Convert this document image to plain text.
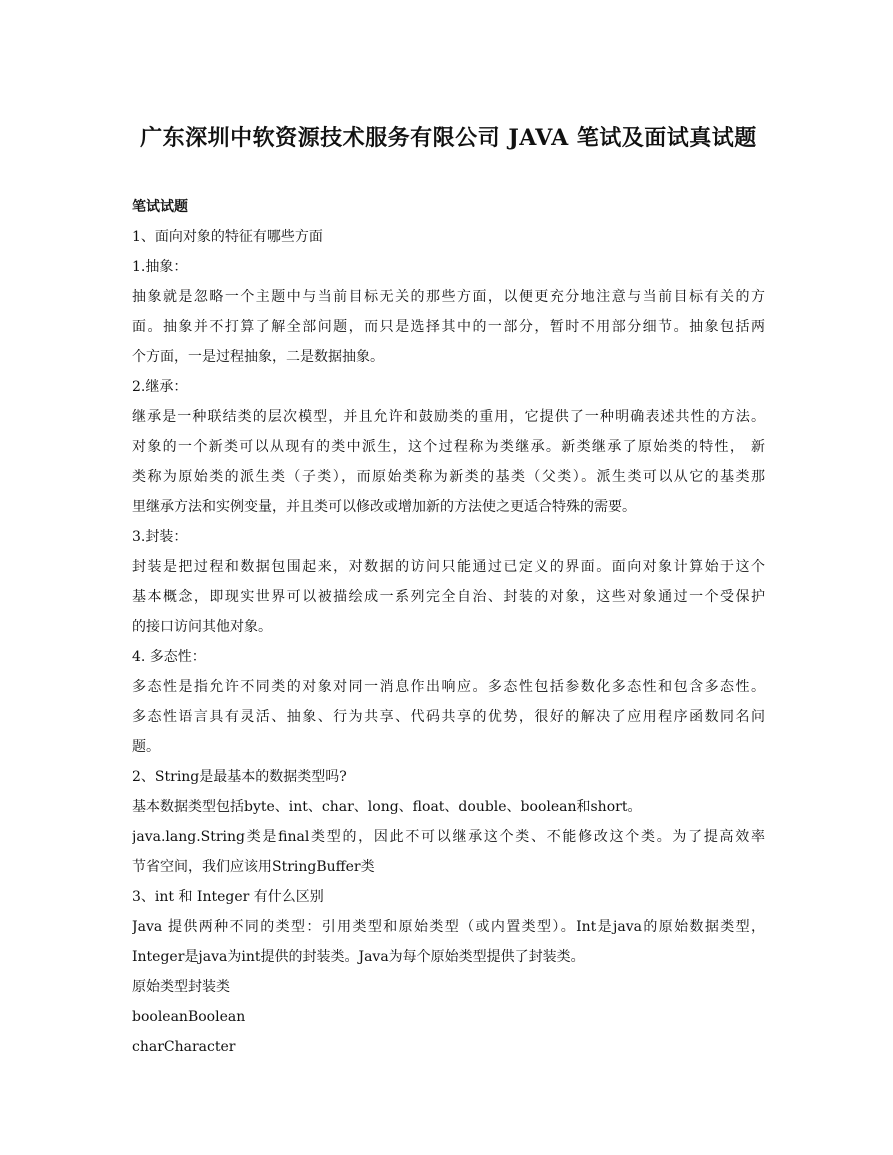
广东深圳中软资源技术服务有限公司 JAVA 笔试及面试真试题

笔试试题

1、面向对象的特征有哪些方面

1.抽象：

抽象就是忽略一个主题中与当前目标无关的那些方面，以便更充分地注意与当前目标有关的方

面。抽象并不打算了解全部问题，而只是选择其中的一部分，暂时不用部分细节。抽象包括两

个方面，一是过程抽象，二是数据抽象。

2.继承：

继承是一种联结类的层次模型，并且允许和鼓励类的重用，它提供了一种明确表述共性的方法。

对象的一个新类可以从现有的类中派生，这个过程称为类继承。新类继承了原始类的特性， 新

类称为原始类的派生类（子类），而原始类称为新类的基类（父类）。派生类可以从它的基类那

里继承方法和实例变量，并且类可以修改或增加新的方法使之更适合特殊的需要。

3.封装：

封装是把过程和数据包围起来，对数据的访问只能通过已定义的界面。面向对象计算始于这个

基本概念，即现实世界可以被描绘成一系列完全自治、封装的对象，这些对象通过一个受保护

的接口访问其他对象。

4. 多态性：

多态性是指允许不同类的对象对同一消息作出响应。多态性包括参数化多态性和包含多态性。

多态性语言具有灵活、抽象、行为共享、代码共享的优势，很好的解决了应用程序函数同名问

题。

2、String是最基本的数据类型吗?

基本数据类型包括byte、int、char、long、float、double、boolean和short。

java.lang.String类是final类型的，因此不可以继承这个类、不能修改这个类。为了提高效率

节省空间，我们应该用StringBuffer类

3、int 和 Integer 有什么区别

Java 提供两种不同的类型：引用类型和原始类型（或内置类型）。Int是java的原始数据类型，

Integer是java为int提供的封装类。Java为每个原始类型提供了封装类。

原始类型封装类

booleanBoolean

charCharacter
